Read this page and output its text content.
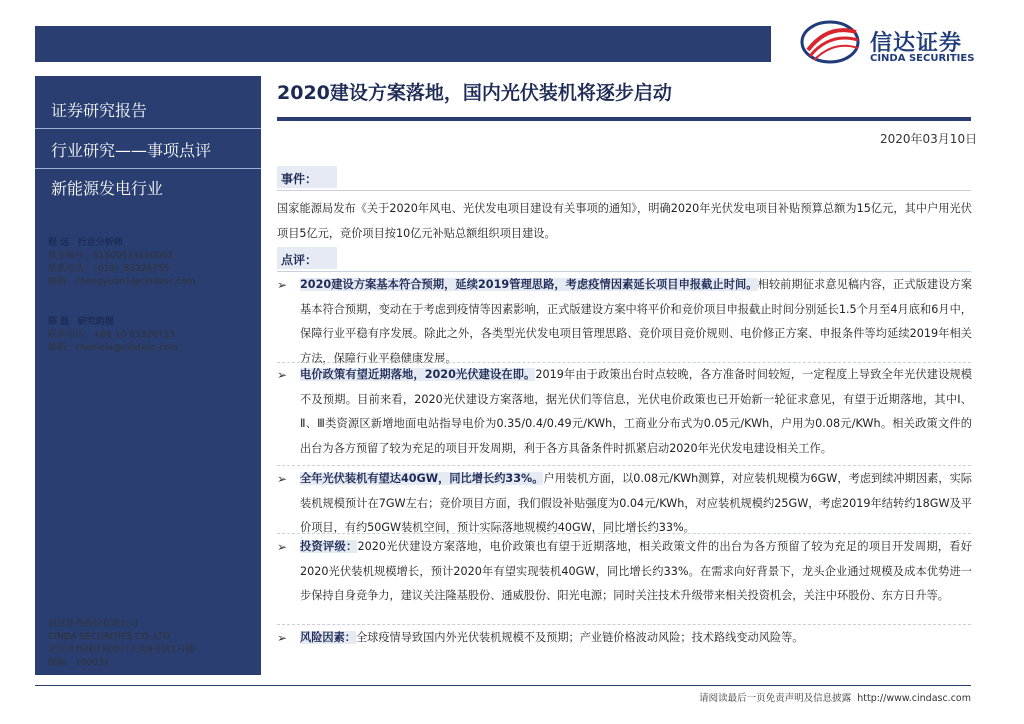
信达证券
CINDA SECURITIES
证券研究报告
行业研究——事项点评
新能源发电行业
程 远 行业分析师
执业编号：S1500519100002
联系电话：（010）83326755
邮箱：chengyuan1@cindasc.com
陈 磊 研究助理
联系电话：+86 10 83326713
邮箱：chenleia@cindasc.com
信达证券股份有限公司
CINDA SECURITIES CO.,LTD
北京市西城区闹市口大街9号院1号楼
邮编：100031
2020建设方案落地，国内光伏装机将逐步启动
2020年03月10日
事件：
国家能源局发布《关于2020年风电、光伏发电项目建设有关事项的通知》，明确2020年光伏发电项目补贴预算总额为15亿元，其中户用光伏项目5亿元，竞价项目按10亿元补贴总额组织项目建设。
点评：
➢ 2020建设方案基本符合预期，延续2019管理思路，考虑疫情因素延长项目申报截止时间。相较前期征求意见稿内容，正式版建设方案基本符合预期，变动在于考虑到疫情等因素影响，正式版建设方案中将平价和竞价项目申报截止时间分别延长1.5个月至4月底和6月中，保障行业平稳有序发展。除此之外，各类型光伏发电项目管理思路、竞价项目竞价规则、电价修正方案、申报条件等均延续2019年相关方法，保障行业平稳健康发展。
➢ 电价政策有望近期落地，2020光伏建设在即。2019年由于政策出台时点较晚，各方准备时间较短，一定程度上导致全年光伏建设规模不及预期。目前来看，2020光伏建设方案落地，据光伏们等信息，光伏电价政策也已开始新一轮征求意见，有望于近期落地，其中Ⅰ、Ⅱ、Ⅲ类资源区新增地面电站指导电价为0.35/0.4/0.49元/KWh，工商业分布式为0.05元/KWh，户用为0.08元/KWh。相关政策文件的出台为各方预留了较为充足的项目开发周期，利于各方具备条件时抓紧启动2020年光伏发电建设相关工作。
➢ 全年光伏装机有望达40GW，同比增长约33%。户用装机方面，以0.08元/KWh测算，对应装机规模为6GW，考虑到续冲期因素，实际装机规模预计在7GW左右；竞价项目方面，我们假设补贴强度为0.04元/KWh，对应装机规模约25GW，考虑2019年结转约18GW及平价项目，有约50GW装机空间，预计实际落地规模约40GW，同比增长约33%。
➢ 投资评级：2020光伏建设方案落地，电价政策也有望于近期落地，相关政策文件的出台为各方预留了较为充足的项目开发周期，看好2020光伏装机规模增长，预计2020年有望实现装机40GW，同比增长约33%。在需求向好背景下，龙头企业通过规模及成本优势进一步保持自身竞争力，建议关注隆基股份、通威股份、阳光电源；同时关注技术升级带来相关投资机会，关注中环股份、东方日升等。
➢ 风险因素：全球疫情导致国内外光伏装机规模不及预期；产业链价格波动风险；技术路线变动风险等。
请阅读最后一页免责声明及信息披露 http://www.cindasc.com
